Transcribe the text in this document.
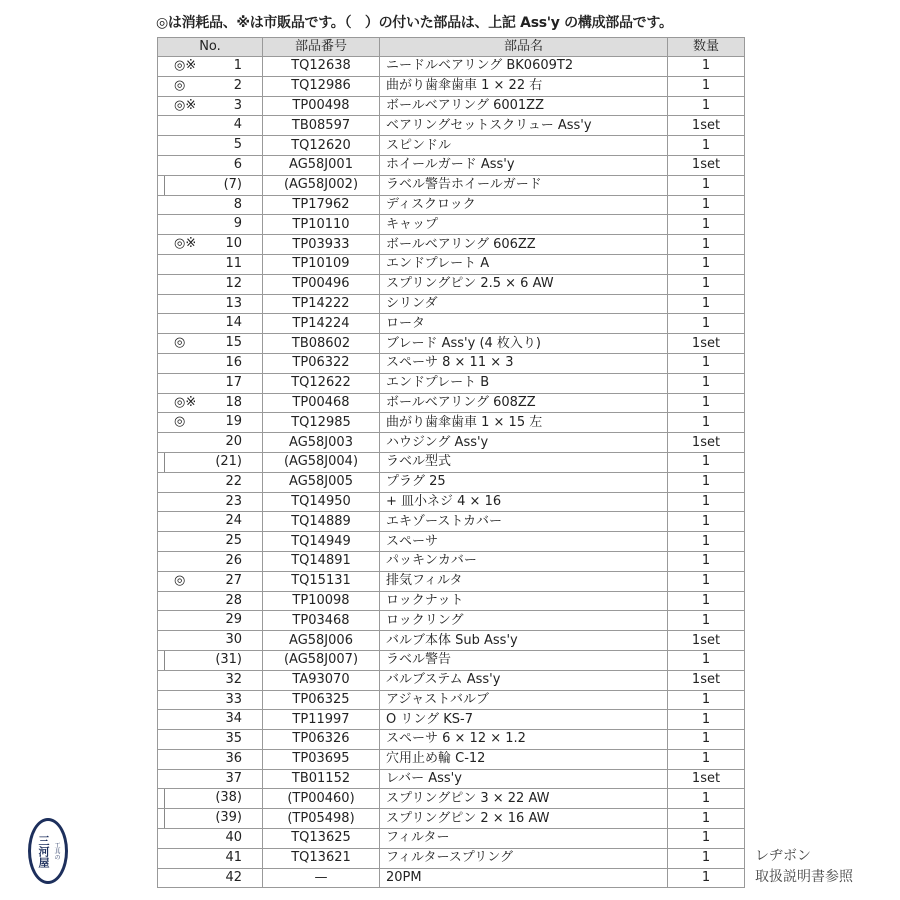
◎は消耗品、※は市販品です。（　）の付いた部品は、上記 Ass'y の構成部品です。
No.	部品番号	部品名	数量

◎※ 1	TQ12638	ニードルベアリング BK0609T2	1

◎ 2	TQ12986	曲がり歯傘歯車 1 × 22 右	1

◎※ 3	TP00498	ボールベアリング 6001ZZ	1

4	TB08597	ベアリングセットスクリュー Ass'y	1set

5	TQ12620	スピンドル	1

6	AG58J001	ホイールガード Ass'y	1set

(7)	(AG58J002)	ラベル警告ホイールガード	1

8	TP17962	ディスクロック	1

9	TP10110	キャップ	1

◎※ 10	TP03933	ボールベアリング 606ZZ	1

11	TP10109	エンドプレート A	1

12	TP00496	スプリングピン 2.5 × 6 AW	1

13	TP14222	シリンダ	1

14	TP14224	ロータ	1

◎ 15	TB08602	ブレード Ass'y (4 枚入り)	1set

16	TP06322	スペーサ 8 × 11 × 3	1

17	TQ12622	エンドプレート B	1

◎※ 18	TP00468	ボールベアリング 608ZZ	1

◎ 19	TQ12985	曲がり歯傘歯車 1 × 15 左	1

20	AG58J003	ハウジング Ass'y	1set

(21)	(AG58J004)	ラベル型式	1

22	AG58J005	プラグ 25	1

23	TQ14950	+ 皿小ネジ 4 × 16	1

24	TQ14889	エキゾーストカバー	1

25	TQ14949	スペーサ	1

26	TQ14891	パッキンカバー	1

◎ 27	TQ15131	排気フィルタ	1

28	TP10098	ロックナット	1

29	TP03468	ロックリング	1

30	AG58J006	バルブ本体 Sub Ass'y	1set

(31)	(AG58J007)	ラベル警告	1

32	TA93070	バルブステム Ass'y	1set

33	TP06325	アジャストバルブ	1

34	TP11997	O リング KS-7	1

35	TP06326	スペーサ 6 × 12 × 1.2	1

36	TP03695	穴用止め輪 C-12	1

37	TB01152	レバー Ass'y	1set

(38)	(TP00460)	スプリングピン 3 × 22 AW	1

(39)	(TP05498)	スプリングピン 2 × 16 AW	1

40	TQ13625	フィルター	1

41	TQ13621	フィルタースプリング	1

42	—	20PM	1
レヂボン
取扱説明書参照
三河屋 工具の
